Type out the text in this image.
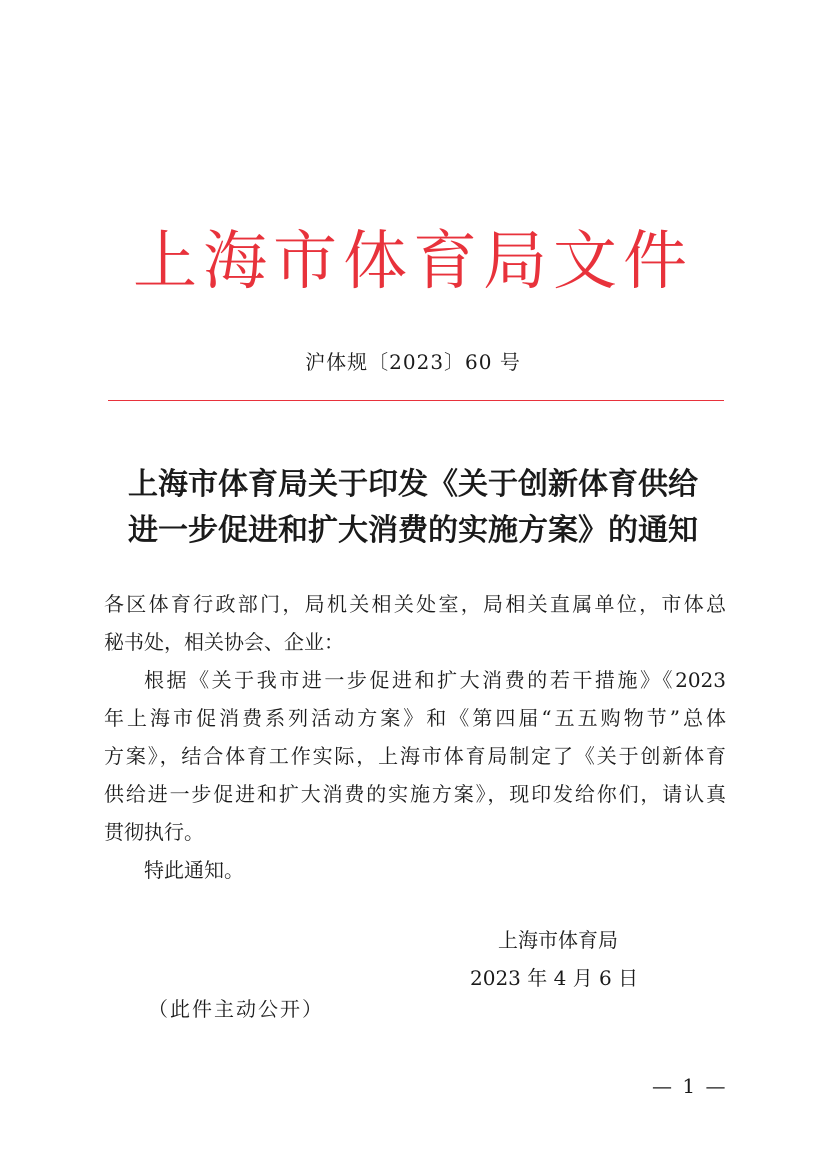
上海市体育局文件
沪体规〔2023〕60 号
上海市体育局关于印发《关于创新体育供给
进一步促进和扩大消费的实施方案》的通知
各区体育行政部门，局机关相关处室，局相关直属单位，市体总
秘书处，相关协会、企业：
根据《关于我市进一步促进和扩大消费的若干措施》《2023
年上海市促消费系列活动方案》和《第四届“五五购物节”总体
方案》，结合体育工作实际，上海市体育局制定了《关于创新体育
供给进一步促进和扩大消费的实施方案》，现印发给你们，请认真
贯彻执行。
特此通知。
上海市体育局
2023 年 4 月 6 日
（此件主动公开）
— 1 —
